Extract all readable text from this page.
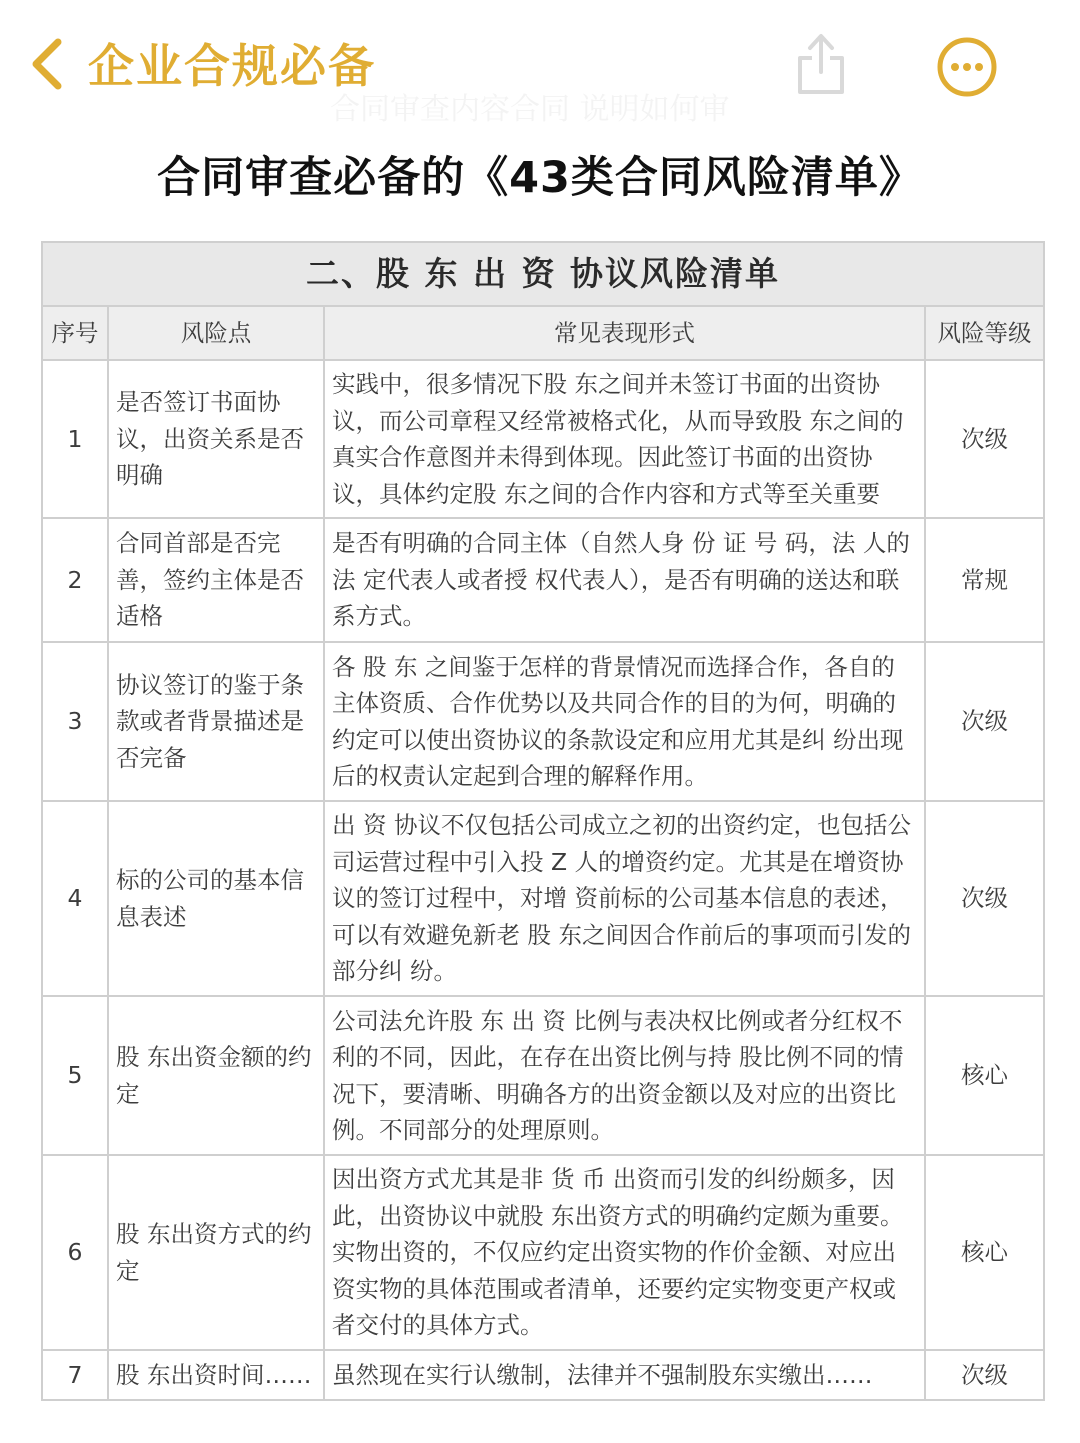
企业合规必备
合同审查内容合同 说明如何审
合同审查必备的《43类合同风险清单》
二、股 东 出 资 协议风险清单			
序号	风险点	常见表现形式	风险等级
1	是否签订书面协议，出资关系是否明确	实践中，很多情况下股 东之间并未签订书面的出资协议，而公司章程又经常被格式化，从而导致股 东之间的真实合作意图并未得到体现。因此签订书面的出资协议，具体约定股 东之间的合作内容和方式等至关重要	次级
2	合同首部是否完善，签约主体是否适格	是否有明确的合同主体（自然人身 份 证 号 码，法 人的法 定代表人或者授 权代表人），是否有明确的送达和联系方式。	常规
3	协议签订的鉴于条款或者背景描述是否完备	各 股 东 之间鉴于怎样的背景情况而选择合作，各自的主体资质、合作优势以及共同合作的目的为何，明确的约定可以使出资协议的条款设定和应用尤其是纠 纷出现后的权责认定起到合理的解释作用。	次级
4	标的公司的基本信息表述	出 资 协议不仅包括公司成立之初的出资约定，也包括公司运营过程中引入投 Z 人的增资约定。尤其是在增资协议的签订过程中，对增 资前标的公司基本信息的表述，可以有效避免新老 股 东之间因合作前后的事项而引发的部分纠 纷。	次级
5	股 东出资金额的约定	公司法允许股 东 出 资 比例与表决权比例或者分红权不利的不同，因此，在存在出资比例与持 股比例不同的情况下，要清晰、明确各方的出资金额以及对应的出资比例。不同部分的处理原则。	核心
6	股 东出资方式的约定	因出资方式尤其是非 货 币 出资而引发的纠纷颇多，因此，出资协议中就股 东出资方式的明确约定颇为重要。实物出资的，不仅应约定出资实物的作价金额、对应出资实物的具体范围或者清单，还要约定实物变更产权或者交付的具体方式。	核心
7	股 东出资时间……	虽然现在实行认缴制，法律并不强制股东实缴出……	次级
